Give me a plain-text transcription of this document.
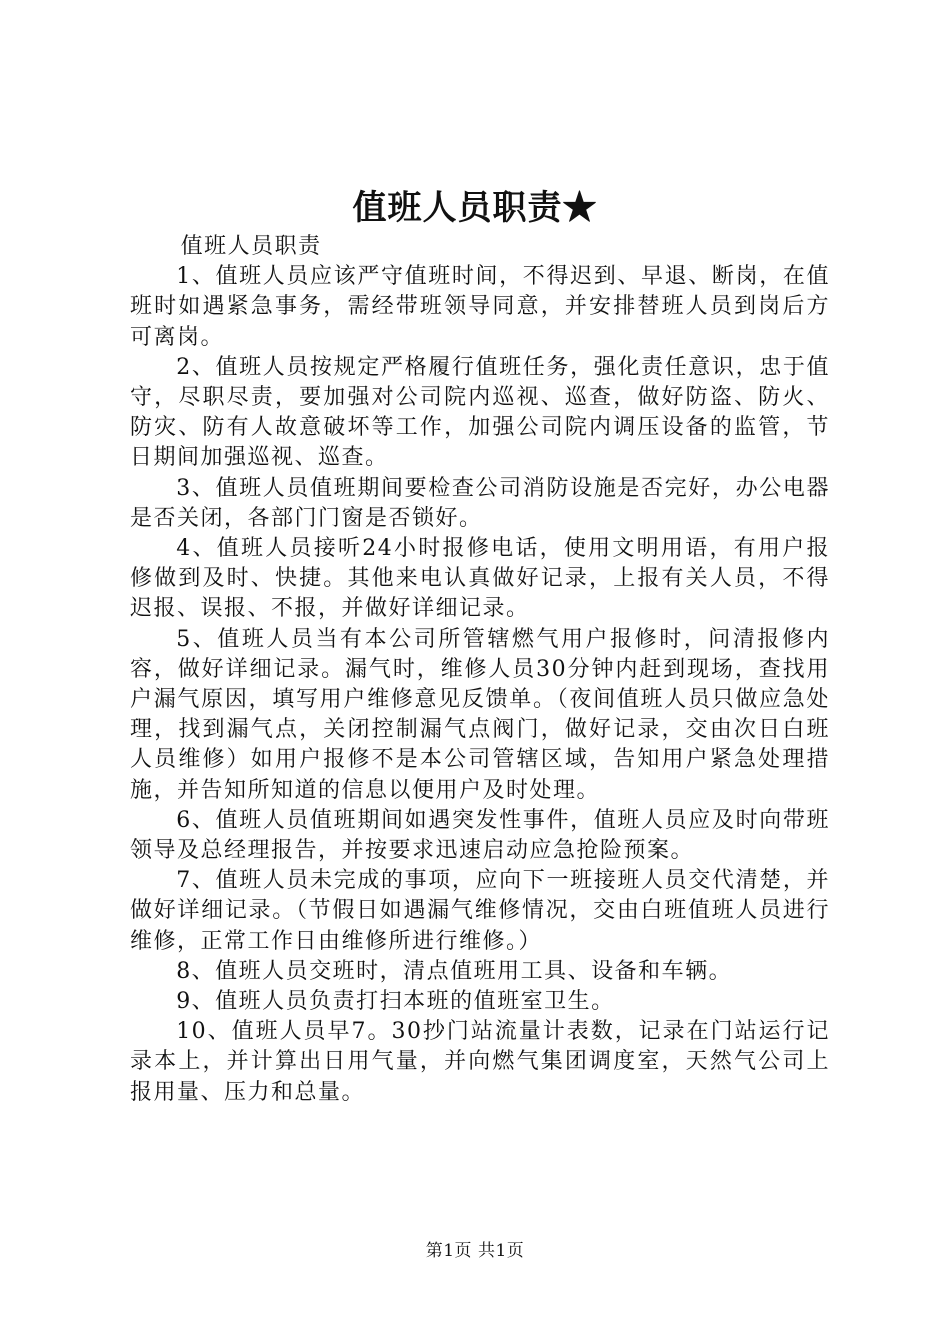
值班人员职责★

值班人员职责

1、值班人员应该严守值班时间，不得迟到、早退、断岗，在值班时如遇紧急事务，需经带班领导同意，并安排替班人员到岗后方可离岗。

2、值班人员按规定严格履行值班任务，强化责任意识，忠于值守，尽职尽责，要加强对公司院内巡视、巡查，做好防盗、防火、防灾、防有人故意破坏等工作，加强公司院内调压设备的监管，节日期间加强巡视、巡查。

3、值班人员值班期间要检查公司消防设施是否完好，办公电器是否关闭，各部门门窗是否锁好。

4、值班人员接听24小时报修电话，使用文明用语，有用户报修做到及时、快捷。其他来电认真做好记录，上报有关人员，不得迟报、误报、不报，并做好详细记录。

5、值班人员当有本公司所管辖燃气用户报修时，问清报修内容，做好详细记录。漏气时，维修人员30分钟内赶到现场，查找用户漏气原因，填写用户维修意见反馈单。（夜间值班人员只做应急处理，找到漏气点，关闭控制漏气点阀门，做好记录，交由次日白班人员维修）如用户报修不是本公司管辖区域，告知用户紧急处理措施，并告知所知道的信息以便用户及时处理。

6、值班人员值班期间如遇突发性事件，值班人员应及时向带班领导及总经理报告，并按要求迅速启动应急抢险预案。

7、值班人员未完成的事项，应向下一班接班人员交代清楚，并做好详细记录。（节假日如遇漏气维修情况，交由白班值班人员进行维修，正常工作日由维修所进行维修。）

8、值班人员交班时，清点值班用工具、设备和车辆。

9、值班人员负责打扫本班的值班室卫生。

10、值班人员早7。30抄门站流量计表数，记录在门站运行记录本上，并计算出日用气量，并向燃气集团调度室，天然气公司上报用量、压力和总量。

第1页 共1页
